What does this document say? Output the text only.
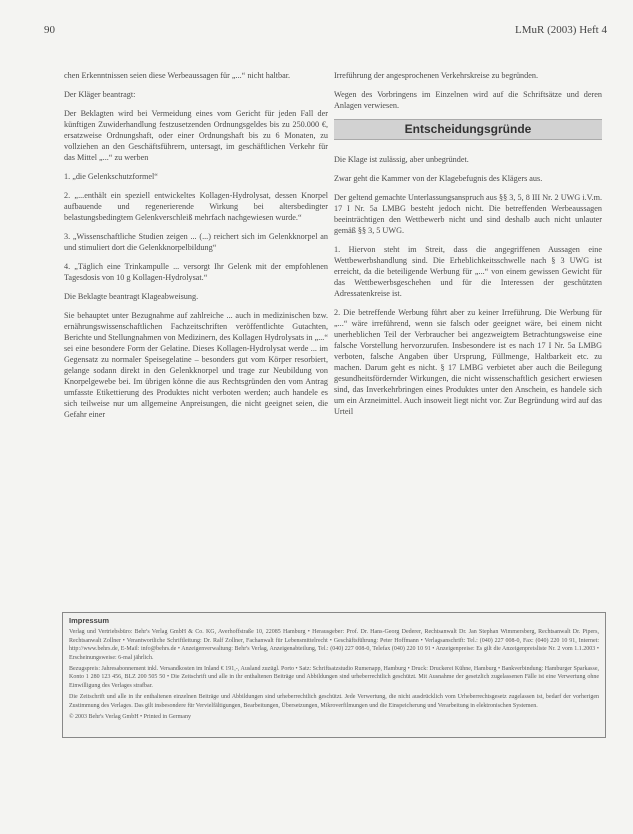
90	LMuR (2003) Heft 4

chen Erkenntnissen seien diese Werbeaussagen für „...“ nicht haltbar.

Der Kläger beantragt:

Der Beklagten wird bei Vermeidung eines vom Gericht für jeden Fall der künftigen Zuwiderhandlung festzusetzenden Ordnungsgeldes bis zu 250.000 €, ersatzweise Ordnungshaft, oder einer Ordnungshaft bis zu 6 Monaten, zu vollziehen an den Geschäftsführern, untersagt, im geschäftlichen Verkehr für das Mittel „...“ zu werben

1. „die Gelenkschutzformel“

2. „...enthält ein speziell entwickeltes Kollagen-Hydrolysat, dessen Knorpel aufbauende und regenerierende Wirkung bei altersbedingter belastungsbedingtem Gelenkverschleiß mehrfach nachgewiesen wurde.“

3. „Wissenschaftliche Studien zeigen ... (...) reichert sich im Gelenkknorpel an und stimuliert dort die Gelenkknorpelbildung“

4. „Täglich eine Trinkampulle ... versorgt Ihr Gelenk mit der empfohlenen Tagesdosis von 10 g Kollagen-Hydrolysat.“

Die Beklagte beantragt Klageabweisung.

Sie behauptet unter Bezugnahme auf zahlreiche ... auch in medizinischen bzw. ernährungswissenschaftlichen Fachzeitschriften veröffentlichte Gutachten, Berichte und Stellungnahmen von Medizinern, des Kollagen Hydrolysats in „...“ sei eine besondere Form der Gelatine. Dieses Kollagen-Hydrolysat werde ... im Gegensatz zu normaler Speisegelatine – besonders gut vom Körper resorbiert, gelange sodann direkt in den Gelenkknorpel und trage zur Neubildung von Knorpelgewebe bei. Im übrigen könne die aus Rechtsgründen den vom Antrag umfasste Etikettierung des Produktes nicht verboten werden; auch handele es sich teilweise nur um allgemeine Anpreisungen, die nicht geeignet seien, die Gefahr einer

Irreführung der angesprochenen Verkehrskreise zu begründen.

Wegen des Vorbringens im Einzelnen wird auf die Schriftsätze und deren Anlagen verwiesen.

Entscheidungsgründe

Die Klage ist zulässig, aber unbegründet.

Zwar geht die Kammer von der Klagebefugnis des Klägers aus.

Der geltend gemachte Unterlassungsanspruch aus §§ 3, 5, 8 III Nr. 2 UWG i.V.m. 17 I Nr. 5a LMBG besteht jedoch nicht. Die betreffenden Werbeaussagen beeinträchtigen den Wettbewerb nicht und sind deshalb auch nicht unlauter gemäß §§ 3, 5 UWG.

1. Hiervon steht im Streit, dass die angegriffenen Aussagen eine Wettbewerbshandlung sind. Die Erheblichkeitsschwelle nach § 3 UWG ist erreicht, da die beteiligende Werbung für „...“ von einem gewissen Gewicht für das Wettbewerbsgeschehen und für die Interessen der geschützten Adressatenkreise ist.

2. Die betreffende Werbung führt aber zu keiner Irreführung. Die Werbung für „...“ wäre irreführend, wenn sie falsch oder geeignet wäre, bei einem nicht unerheblichen Teil der Verbraucher bei angezweigtem Betrachtungsweise eine falsche Vorstellung hervorzurufen. Insbesondere ist es nach 17 I Nr. 5a LMBG verboten, falsche Angaben über Ursprung, Füllmenge, Haltbarkeit etc. zu machen. Darum geht es nicht. § 17 LMBG verbietet aber auch die Beilegung gesundheitsfördernder Wirkungen, die nicht wissenschaftlich gesichert erwiesen sind, das Inverkehrbringen eines Produktes unter den Anschein, es handele sich um ein Arzneimittel. Auch insoweit liegt nicht vor. Zur Begründung wird auf das Urteil

Impressum

Verlag und Vertriebsbüro: Behr's Verlag GmbH & Co. KG, Averhoffstraße 10, 22085 Hamburg • Herausgeber: Prof. Dr. Hans-Georg Dederer, Rechtsanwalt Dr. Jan Stephan Wimmersberg, Rechtsanwalt Dr. Pipers, Rechtsanwalt Zollner • Verantwortliche Schriftleitung: Dr. Ralf Zollner, Fachanwalt für Lebensmittelrecht • Geschäftsführung: Peter Hoffmann • Verlagsanschrift: Tel.: (040) 227 008-0, Fax: (040) 220 10 91, Internet: http://www.behrs.de, E-Mail: info@behrs.de • Anzeigenverwaltung: Behr's Verlag, Anzeigenabteilung, Tel.: (040) 227 008-0, Telefax (040) 220 10 91 • Anzeigenpreise: Es gilt die Anzeigenpreisliste Nr. 2 vom 1.1.2003 • Erscheinungsweise: 6-mal jährlich.

Bezugspreis: Jahresabonnement inkl. Versandkosten im Inland € 191,-, Ausland zuzügl. Porto • Satz: Schriftsatzstudio Rumenapp, Hamburg • Druck: Druckerei Kühne, Hamburg • Bankverbindung: Hamburger Sparkasse, Konto 1 280 123 456, BLZ 200 505 50 • Die Zeitschrift und alle in ihr enthaltenen Beiträge und Abbildungen sind urheberrechtlich geschützt. Mit Ausnahme der gesetzlich zugelassenen Fälle ist eine Verwertung ohne Einwilligung des Verlages strafbar.

Die Zeitschrift und alle in ihr enthaltenen einzelnen Beiträge und Abbildungen sind urheberrechtlich geschützt. Jede Verwertung, die nicht ausdrücklich vom Urheberrechtsgesetz zugelassen ist, bedarf der vorherigen Zustimmung des Verlages. Das gilt insbesondere für Vervielfältigungen, Bearbeitungen, Übersetzungen, Mikroverfilmungen und die Einspeicherung und Verarbeitung in elektronischen Systemen.

© 2003 Behr's Verlag GmbH • Printed in Germany
